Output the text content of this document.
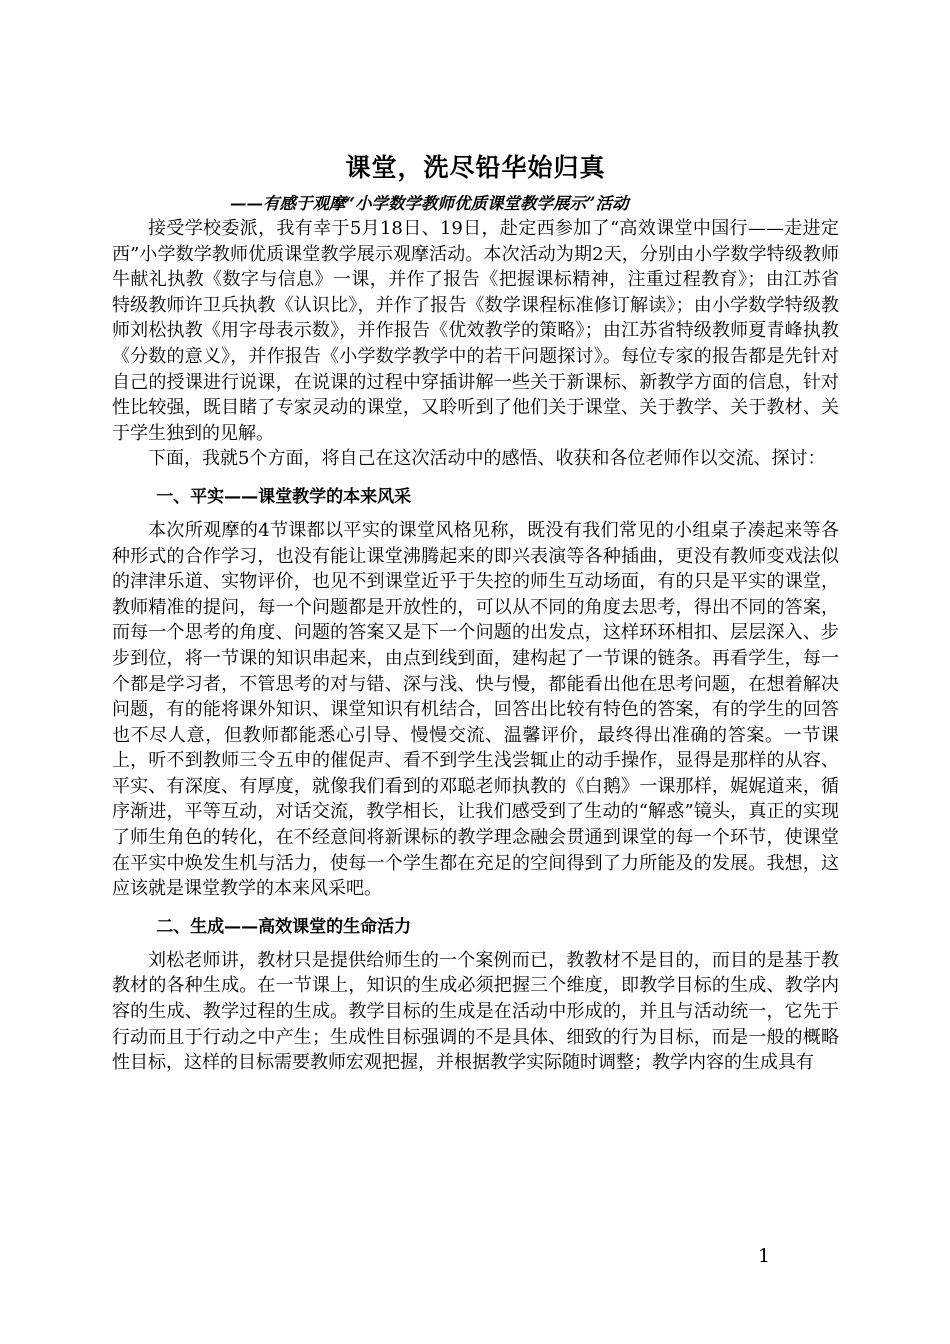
课堂，洗尽铅华始归真
——有感于观摩“小学数学教师优质课堂教学展示”活动

接受学校委派，我有幸于5月18日、19日，赴定西参加了“高效课堂中国行——走进定西”小学数学教师优质课堂教学展示观摩活动。本次活动为期2天，分别由小学数学特级教师牛献礼执教《数字与信息》一课，并作了报告《把握课标精神，注重过程教育》；由江苏省特级教师许卫兵执教《认识比》，并作了报告《数学课程标准修订解读》；由小学数学特级教师刘松执教《用字母表示数》，并作报告《优效教学的策略》；由江苏省特级教师夏青峰执教《分数的意义》，并作报告《小学数学教学中的若干问题探讨》。每位专家的报告都是先针对自己的授课进行说课，在说课的过程中穿插讲解一些关于新课标、新教学方面的信息，针对性比较强，既目睹了专家灵动的课堂，又聆听到了他们关于课堂、关于教学、关于教材、关于学生独到的见解。

下面，我就5个方面，将自己在这次活动中的感悟、收获和各位老师作以交流、探讨：

一、平实——课堂教学的本来风采

本次所观摩的4节课都以平实的课堂风格见称，既没有我们常见的小组桌子凑起来等各种形式的合作学习，也没有能让课堂沸腾起来的即兴表演等各种插曲，更没有教师变戏法似的津津乐道、实物评价，也见不到课堂近乎于失控的师生互动场面，有的只是平实的课堂，教师精准的提问，每一个问题都是开放性的，可以从不同的角度去思考，得出不同的答案，而每一个思考的角度、问题的答案又是下一个问题的出发点，这样环环相扣、层层深入、步步到位，将一节课的知识串起来，由点到线到面，建构起了一节课的链条。再看学生，每一个都是学习者，不管思考的对与错、深与浅、快与慢，都能看出他在思考问题，在想着解决问题，有的能将课外知识、课堂知识有机结合，回答出比较有特色的答案，有的学生的回答也不尽人意，但教师都能悉心引导、慢慢交流、温馨评价，最终得出准确的答案。一节课上，听不到教师三令五申的催促声、看不到学生浅尝辄止的动手操作，显得是那样的从容、平实、有深度、有厚度，就像我们看到的邓聪老师执教的《白鹅》一课那样，娓娓道来，循序渐进，平等互动，对话交流，教学相长，让我们感受到了生动的“解惑”镜头，真正的实现了师生角色的转化，在不经意间将新课标的教学理念融会贯通到课堂的每一个环节，使课堂在平实中焕发生机与活力，使每一个学生都在充足的空间得到了力所能及的发展。我想，这应该就是课堂教学的本来风采吧。

二、生成——高效课堂的生命活力

刘松老师讲，教材只是提供给师生的一个案例而已，教教材不是目的，而目的是基于教教材的各种生成。在一节课上，知识的生成必须把握三个维度，即教学目标的生成、教学内容的生成、教学过程的生成。教学目标的生成是在活动中形成的，并且与活动统一，它先于行动而且于行动之中产生；生成性目标强调的不是具体、细致的行为目标，而是一般的概略性目标，这样的目标需要教师宏观把握，并根据教学实际随时调整；教学内容的生成具有

1
